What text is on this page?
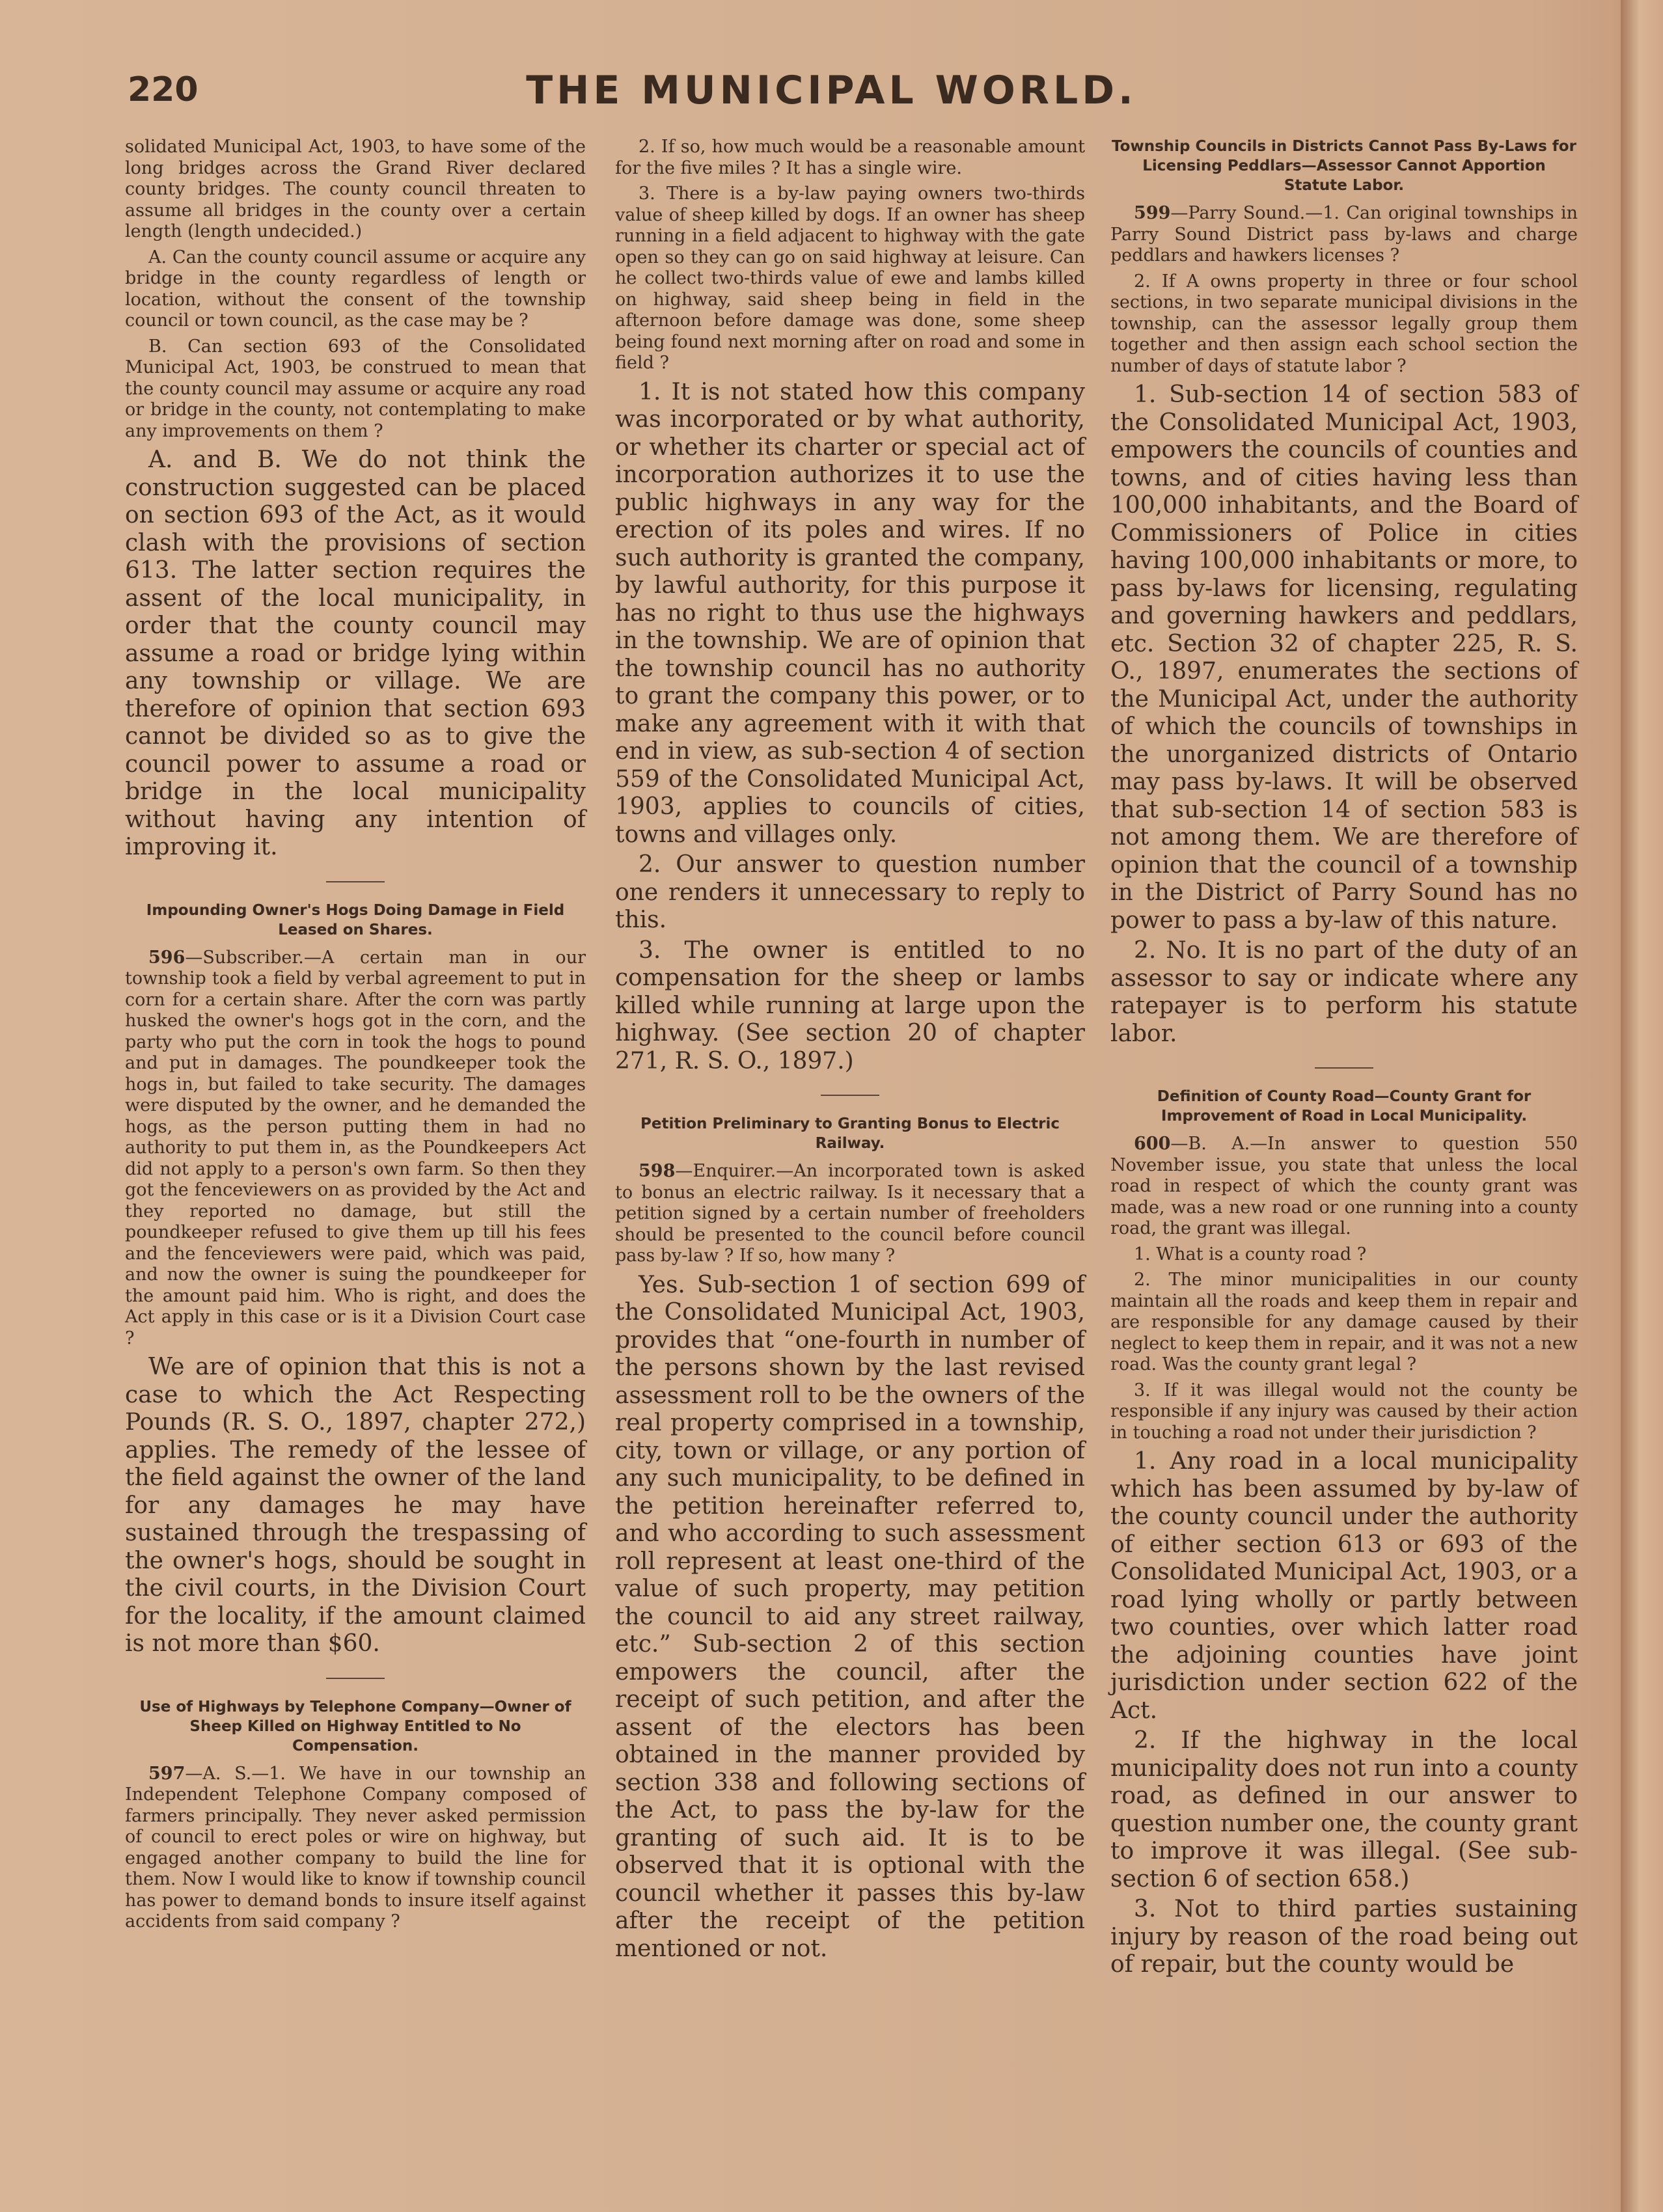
220	THE MUNICIPAL WORLD.

solidated Municipal Act, 1903, to have some of the long bridges across the Grand River declared county bridges. The county council threaten to assume all bridges in the county over a certain length (length undecided.)

A. Can the county council assume or acquire any bridge in the county regardless of length or location, without the consent of the township council or town council, as the case may be ?

B. Can section 693 of the Consolidated Municipal Act, 1903, be construed to mean that the county council may assume or acquire any road or bridge in the county, not contemplating to make any improvements on them ?

A. and B. We do not think the construction suggested can be placed on section 693 of the Act, as it would clash with the provisions of section 613. The latter section requires the assent of the local municipality, in order that the county council may assume a road or bridge lying within any township or village. We are therefore of opinion that section 693 cannot be divided so as to give the council power to assume a road or bridge in the local municipality without having any intention of improving it.

Impounding Owner's Hogs Doing Damage in Field Leased on Shares.

596—Subscriber.—A certain man in our township took a field by verbal agreement to put in corn for a certain share. After the corn was partly husked the owner's hogs got in the corn, and the party who put the corn in took the hogs to pound and put in damages. The poundkeeper took the hogs in, but failed to take security. The damages were disputed by the owner, and he demanded the hogs, as the person putting them in had no authority to put them in, as the Poundkeepers Act did not apply to a person's own farm. So then they got the fenceviewers on as provided by the Act and they reported no damage, but still the poundkeeper refused to give them up till his fees and the fenceviewers were paid, which was paid, and now the owner is suing the poundkeeper for the amount paid him. Who is right, and does the Act apply in this case or is it a Division Court case ?

We are of opinion that this is not a case to which the Act Respecting Pounds (R. S. O., 1897, chapter 272,) applies. The remedy of the lessee of the field against the owner of the land for any damages he may have sustained through the trespassing of the owner's hogs, should be sought in the civil courts, in the Division Court for the locality, if the amount claimed is not more than $60.

Use of Highways by Telephone Company—Owner of Sheep Killed on Highway Entitled to No Compensation.

597—A. S.—1. We have in our township an Independent Telephone Company composed of farmers principally. They never asked permission of council to erect poles or wire on highway, but engaged another company to build the line for them. Now I would like to know if township council has power to demand bonds to insure itself against accidents from said company ?

2. If so, how much would be a reasonable amount for the five miles ? It has a single wire.

3. There is a by-law paying owners two-thirds value of sheep killed by dogs. If an owner has sheep running in a field adjacent to highway with the gate open so they can go on said highway at leisure. Can he collect two-thirds value of ewe and lambs killed on highway, said sheep being in field in the afternoon before damage was done, some sheep being found next morning after on road and some in field ?

1. It is not stated how this company was incorporated or by what authority, or whether its charter or special act of incorporation authorizes it to use the public highways in any way for the erection of its poles and wires. If no such authority is granted the company, by lawful authority, for this purpose it has no right to thus use the highways in the township. We are of opinion that the township council has no authority to grant the company this power, or to make any agreement with it with that end in view, as sub-section 4 of section 559 of the Consolidated Municipal Act, 1903, applies to councils of cities, towns and villages only.

2. Our answer to question number one renders it unnecessary to reply to this.

3. The owner is entitled to no compensation for the sheep or lambs killed while running at large upon the highway. (See section 20 of chapter 271, R. S. O., 1897.)

Petition Preliminary to Granting Bonus to Electric Railway.

598—Enquirer.—An incorporated town is asked to bonus an electric railway. Is it necessary that a petition signed by a certain number of freeholders should be presented to the council before council pass by-law ? If so, how many ?

Yes. Sub-section 1 of section 699 of the Consolidated Municipal Act, 1903, provides that “one-fourth in number of the persons shown by the last revised assessment roll to be the owners of the real property comprised in a township, city, town or village, or any portion of any such municipality, to be defined in the petition hereinafter referred to, and who according to such assessment roll represent at least one-third of the value of such property, may petition the council to aid any street railway, etc.” Sub-section 2 of this section empowers the council, after the receipt of such petition, and after the assent of the electors has been obtained in the manner provided by section 338 and following sections of the Act, to pass the by-law for the granting of such aid. It is to be observed that it is optional with the council whether it passes this by-law after the receipt of the petition mentioned or not.

Township Councils in Districts Cannot Pass By-Laws for Licensing Peddlars—Assessor Cannot Apportion Statute Labor.

599—Parry Sound.—1. Can original townships in Parry Sound District pass by-laws and charge peddlars and hawkers licenses ?

2. If A owns property in three or four school sections, in two separate municipal divisions in the township, can the assessor legally group them together and then assign each school section the number of days of statute labor ?

1. Sub-section 14 of section 583 of the Consolidated Municipal Act, 1903, empowers the councils of counties and towns, and of cities having less than 100,000 inhabitants, and the Board of Commissioners of Police in cities having 100,000 inhabitants or more, to pass by-laws for licensing, regulating and governing hawkers and peddlars, etc. Section 32 of chapter 225, R. S. O., 1897, enumerates the sections of the Municipal Act, under the authority of which the councils of townships in the unorganized districts of Ontario may pass by-laws. It will be observed that sub-section 14 of section 583 is not among them. We are therefore of opinion that the council of a township in the District of Parry Sound has no power to pass a by-law of this nature.

2. No. It is no part of the duty of an assessor to say or indicate where any ratepayer is to perform his statute labor.

Definition of County Road—County Grant for Improvement of Road in Local Municipality.

600—B. A.—In answer to question 550 November issue, you state that unless the local road in respect of which the county grant was made, was a new road or one running into a county road, the grant was illegal.

1. What is a county road ?

2. The minor municipalities in our county maintain all the roads and keep them in repair and are responsible for any damage caused by their neglect to keep them in repair, and it was not a new road. Was the county grant legal ?

3. If it was illegal would not the county be responsible if any injury was caused by their action in touching a road not under their jurisdiction ?

1. Any road in a local municipality which has been assumed by by-law of the county council under the authority of either section 613 or 693 of the Consolidated Municipal Act, 1903, or a road lying wholly or partly between two counties, over which latter road the adjoining counties have joint jurisdiction under section 622 of the Act.

2. If the highway in the local municipality does not run into a county road, as defined in our answer to question number one, the county grant to improve it was illegal. (See sub-section 6 of section 658.)

3. Not to third parties sustaining injury by reason of the road being out of repair, but the county would be
